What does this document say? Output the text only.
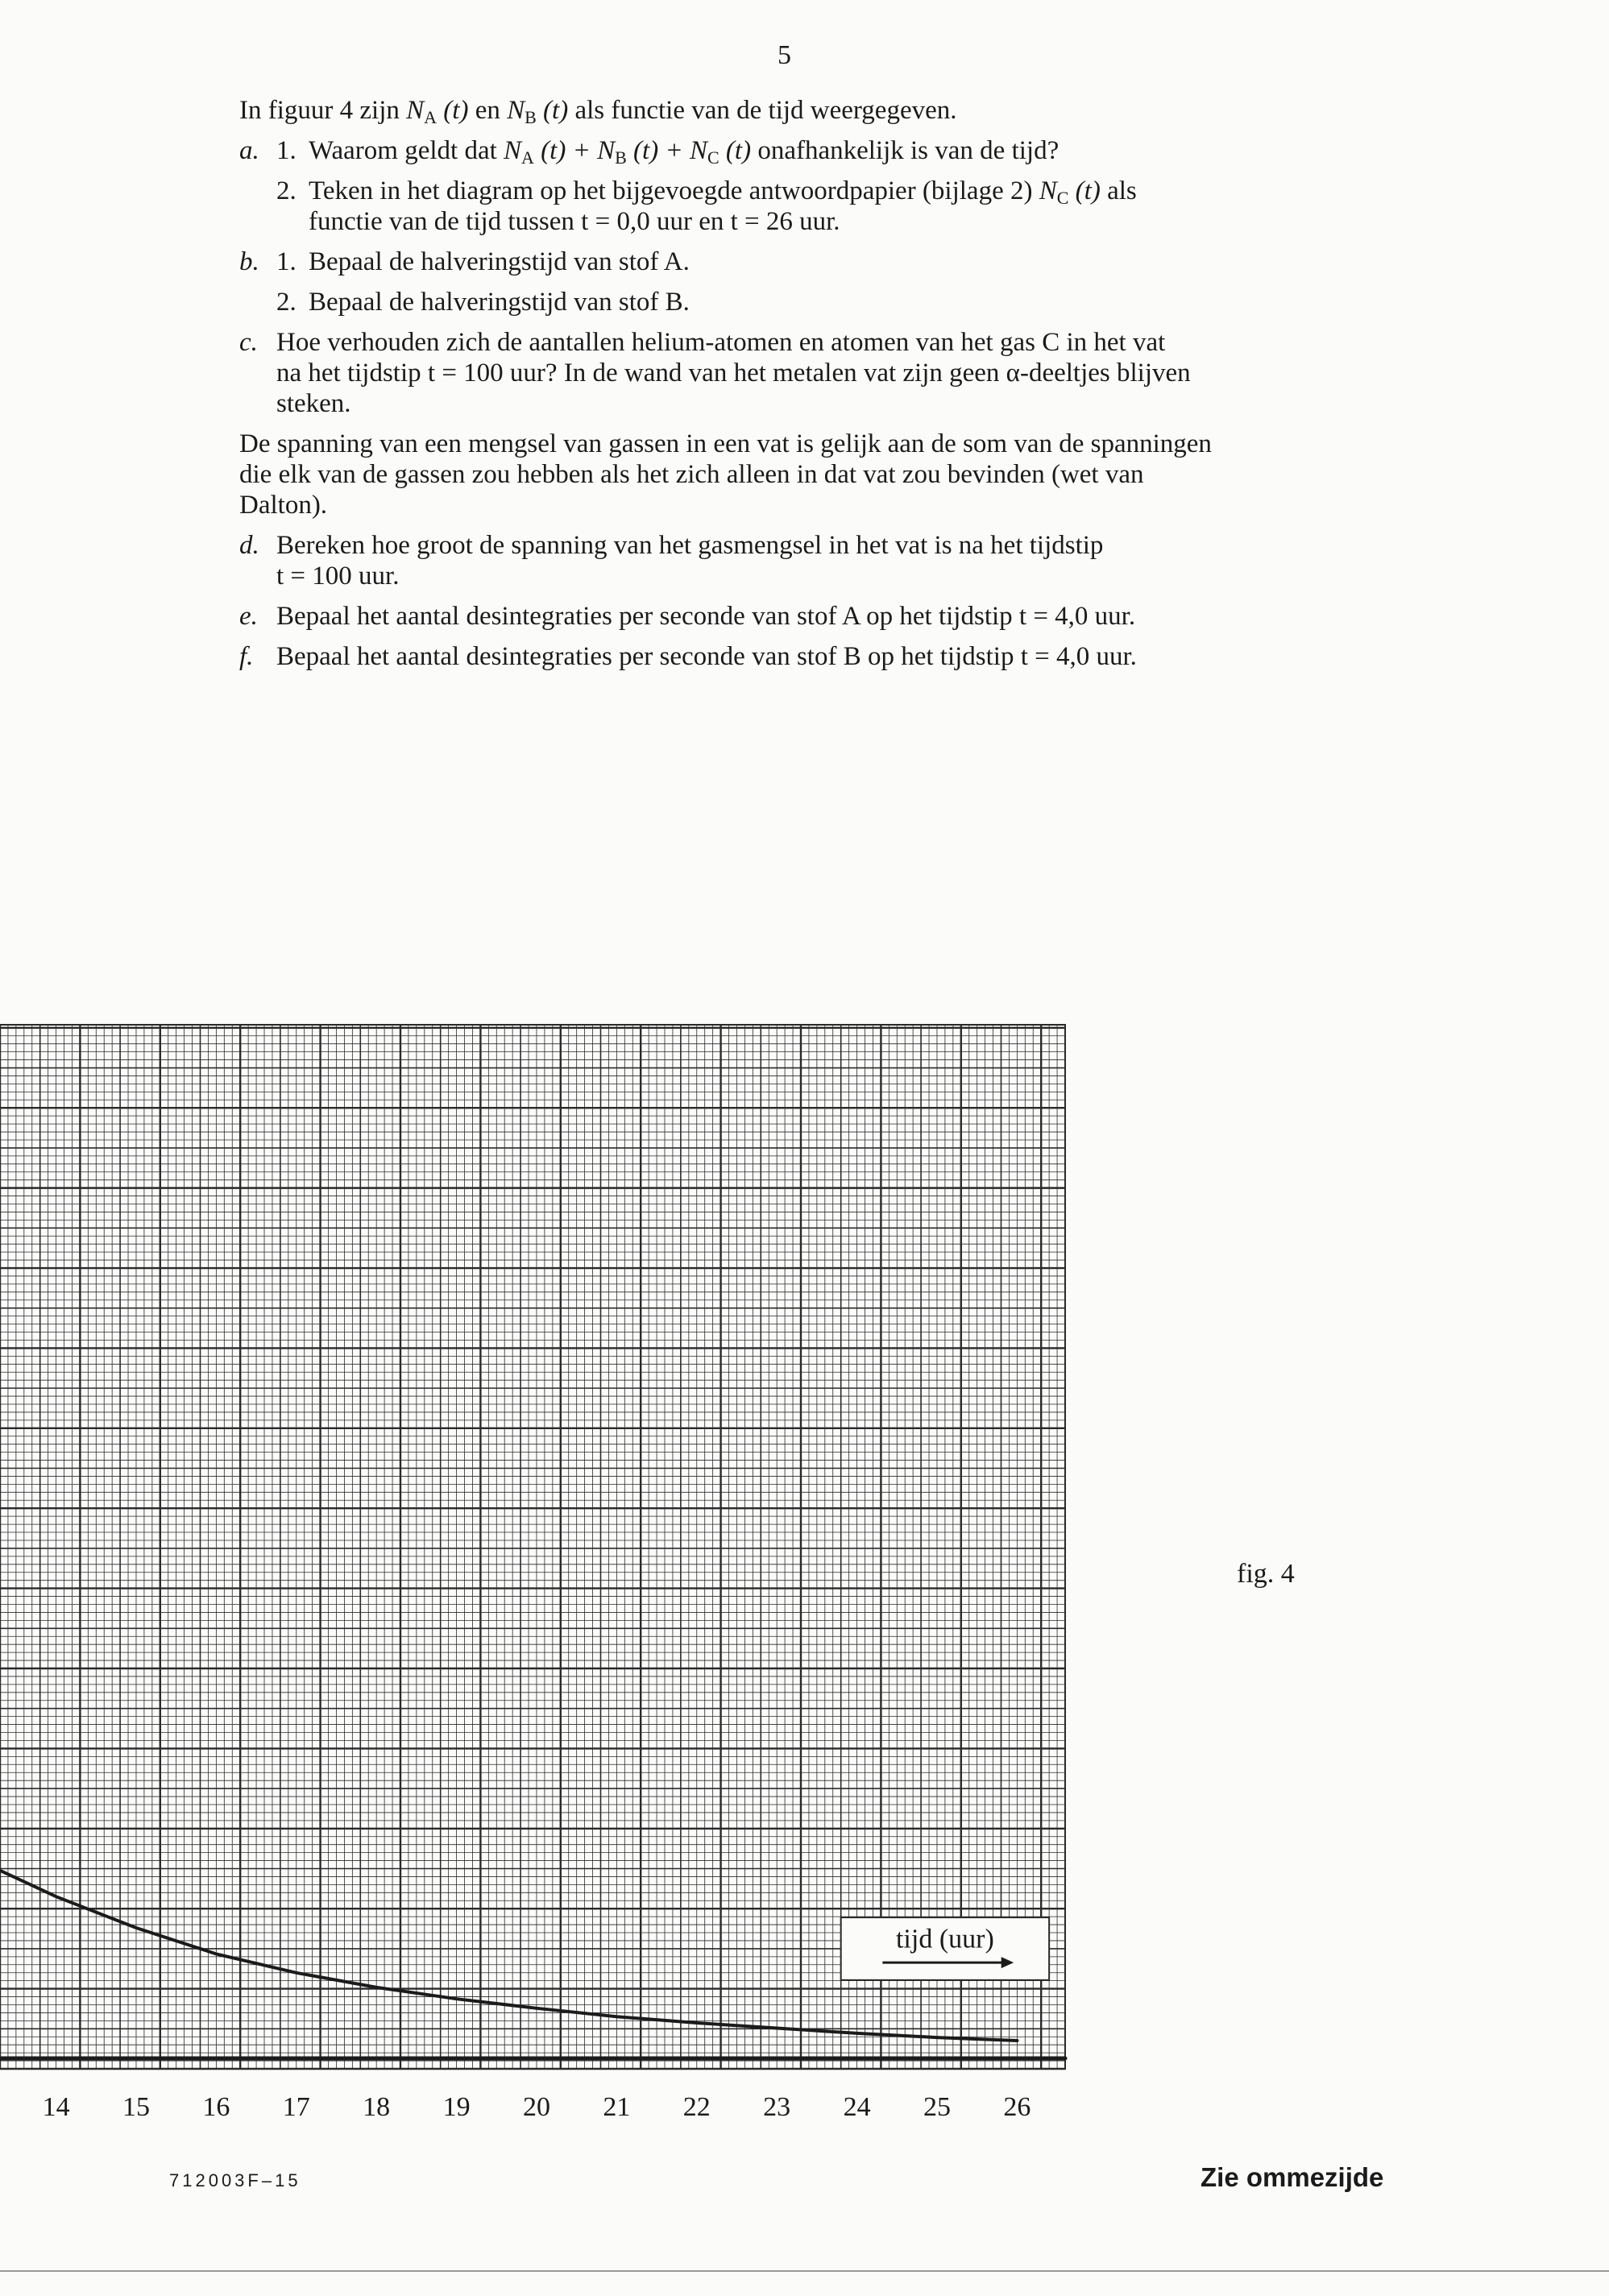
5

In figuur 4 zijn $N_A$ (t) en $N_B$ (t) als functie van de tijd weergegeven.

a. 1. Waarom geldt dat $N_A$ $(t) + N_B$ $(t) + N_C$ (t) onafhankelijk is van de tijd?
2. Teken in het diagram op het bijgevoegde antwoordpapier (bijlage 2) $N_C$ (t) als
functie van de tijd tussen t = 0,0 uur en t = 26 uur.
b. 1. Bepaal de halveringstijd van stof A.
2. Bepaal de halveringstijd van stof B.
c. Hoe verhouden zich de aantallen helium-atomen en atomen van het gas C in het vat
na het tijdstip t = 100 uur? In de wand van het metalen vat zijn geen α-deeltjes blijven
steken.

De spanning van een mengsel van gassen in een vat is gelijk aan de som van de spanningen
die elk van de gassen zou hebben als het zich alleen in dat vat zou bevinden (wet van
Dalton).

d. Bereken hoe groot de spanning van het gasmengsel in het vat is na het tijdstip
t = 100 uur.
e. Bepaal het aantal desintegraties per seconde van stof A op het tijdstip t = 4,0 uur.
f. Bepaal het aantal desintegraties per seconde van stof B op het tijdstip t = 4,0 uur.
14 15 16 17 18 19 20 21 22 23 24 25 26
tijd (uur)
fig. 4
712003F–15	Zie ommezijde
